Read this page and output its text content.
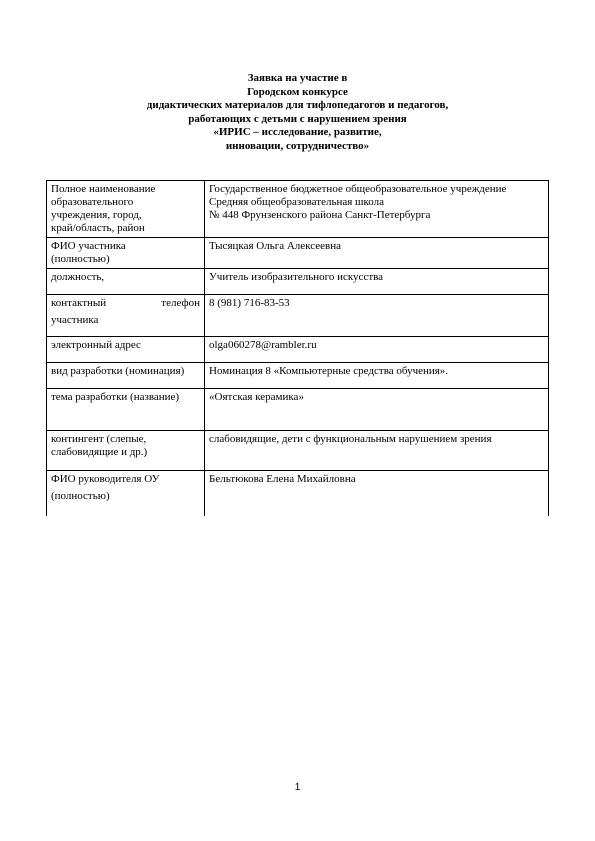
Заявка на участие в
Городском конкурсе
дидактических материалов для тифлопедагогов и педагогов,
работающих с детьми с нарушением зрения
«ИРИС – исследование, развитие,
инновации, сотрудничество»
Полное наименование
образовательного
учреждения, город,
край/область, район	Государственное бюджетное общеобразовательное учреждение
Средняя общеобразовательная школа
№ 448 Фрунзенского района Санкт-Петербурга

ФИО участника
(полностью)	Тысяцкая Ольга Алексеевна

должность,	Учитель изобразительного искусства

контактный телефон
участника	8 (981) 716-83-53

электронный адрес	olga060278@rambler.ru

вид разработки (номинация)	Номинация 8 «Компьютерные средства обучения».

тема разработки (название)	«Оятская керамика»

контингент (слепые,
слабовидящие и др.)	слабовидящие, дети с функциональным нарушением зрения

ФИО руководителя ОУ
(полностью)	Бельтюкова Елена Михайловна
1
